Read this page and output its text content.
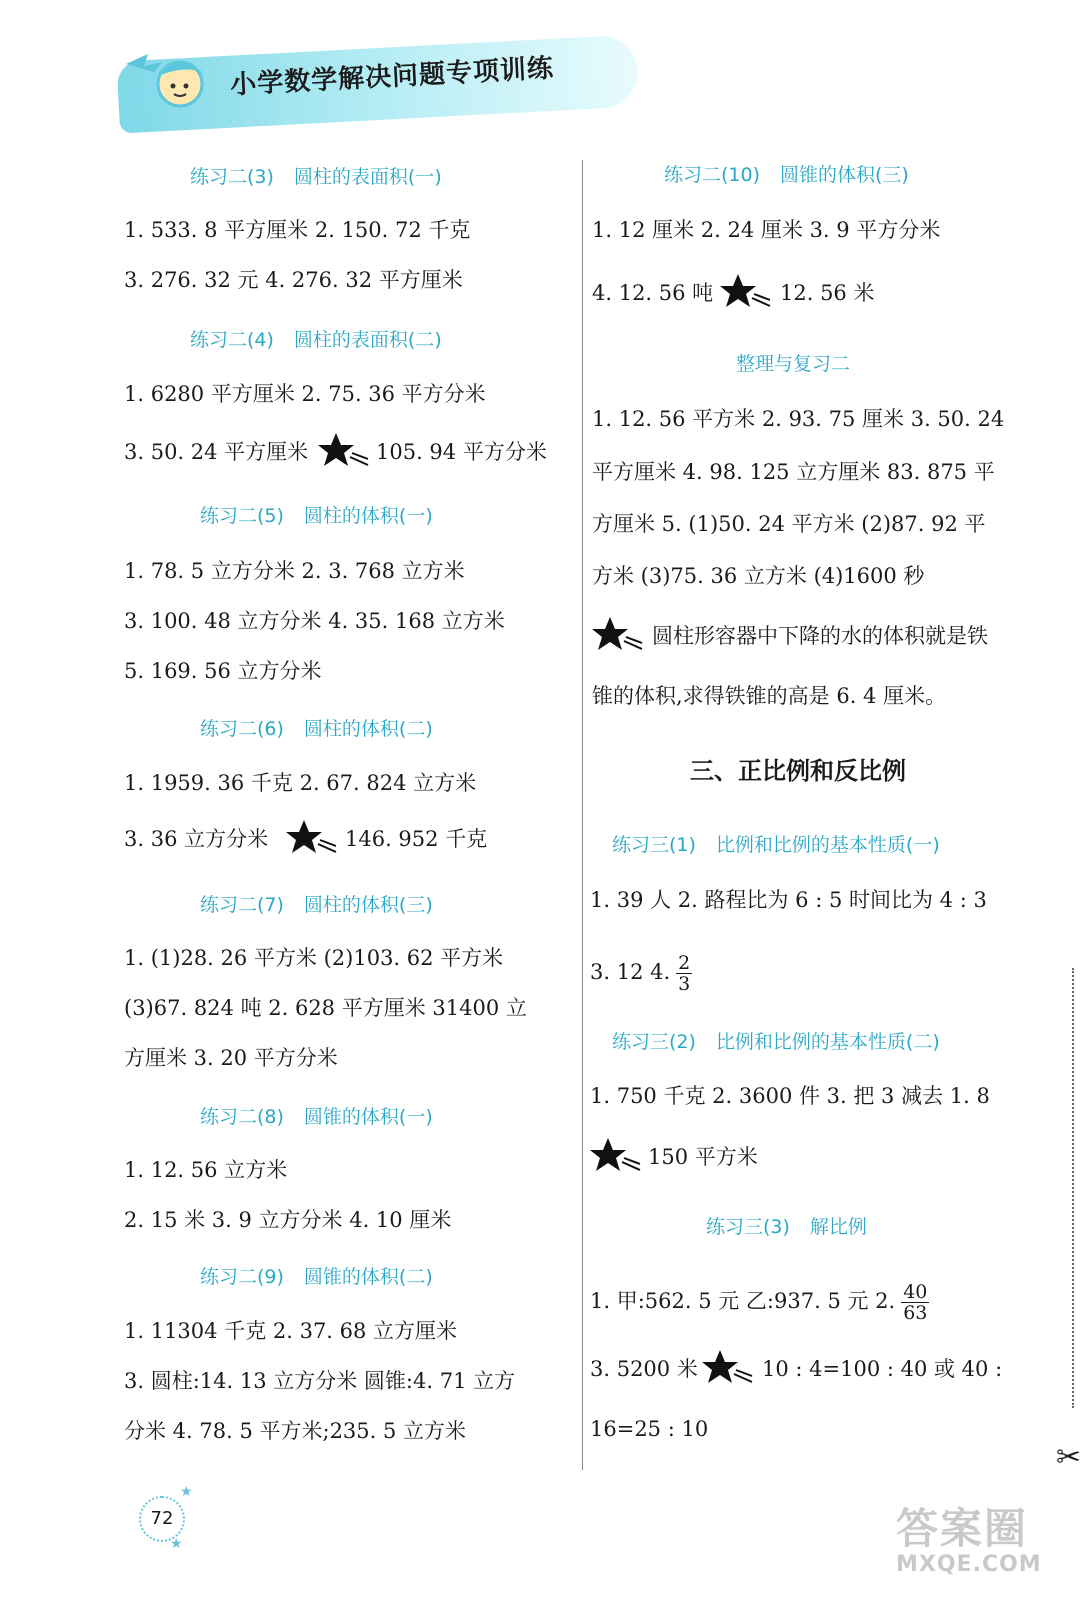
小学数学解决问题专项训练
练习二(3) 圆柱的表面积(一)
1. 533. 8 平方厘米 2. 150. 72 千克
3. 276. 32 元 4. 276. 32 平方厘米
练习二(4) 圆柱的表面积(二)
1. 6280 平方厘米 2. 75. 36 平方分米
3. 50. 24 平方厘米	105. 94 平方分米
练习二(5) 圆柱的体积(一)
1. 78. 5 立方分米 2. 3. 768 立方米
3. 100. 48 立方分米 4. 35. 168 立方米
5. 169. 56 立方分米
练习二(6) 圆柱的体积(二)
1. 1959. 36 千克 2. 67. 824 立方米
3. 36 立方分米	146. 952 千克
练习二(7) 圆柱的体积(三)
1. (1)28. 26 平方米 (2)103. 62 平方米
(3)67. 824 吨 2. 628 平方厘米 31400 立
方厘米 3. 20 平方分米
练习二(8) 圆锥的体积(一)
1. 12. 56 立方米
2. 15 米 3. 9 立方分米 4. 10 厘米
练习二(9) 圆锥的体积(二)
1. 11304 千克 2. 37. 68 立方厘米
3. 圆柱:14. 13 立方分米 圆锥:4. 71 立方
分米 4. 78. 5 平方米;235. 5 立方米
练习二(10) 圆锥的体积(三)
1. 12 厘米 2. 24 厘米 3. 9 平方分米
4. 12. 56 吨	12. 56 米
整理与复习二
1. 12. 56 平方米 2. 93. 75 厘米 3. 50. 24
平方厘米 4. 98. 125 立方厘米 83. 875 平
方厘米 5. (1)50. 24 平方米 (2)87. 92 平
方米 (3)75. 36 立方米 (4)1600 秒
圆柱形容器中下降的水的体积就是铁
锥的体积,求得铁锥的高是 6. 4 厘米。
三、正比例和反比例
练习三(1) 比例和比例的基本性质(一)
1. 39 人 2. 路程比为 6 : 5 时间比为 4 : 3
3. 12 4. $\frac{2}{3}$
练习三(2) 比例和比例的基本性质(二)
1. 750 千克 2. 3600 件 3. 把 3 减去 1. 8
150 平方米
练习三(3) 解比例
1. 甲:562. 5 元 乙:937. 5 元 2. $\frac{40}{63}$
3. 5200 米	10 : 4=100 : 40 或 40 :
16=25 : 10
72
★
★
✂
答案圈
MXQE.COM
